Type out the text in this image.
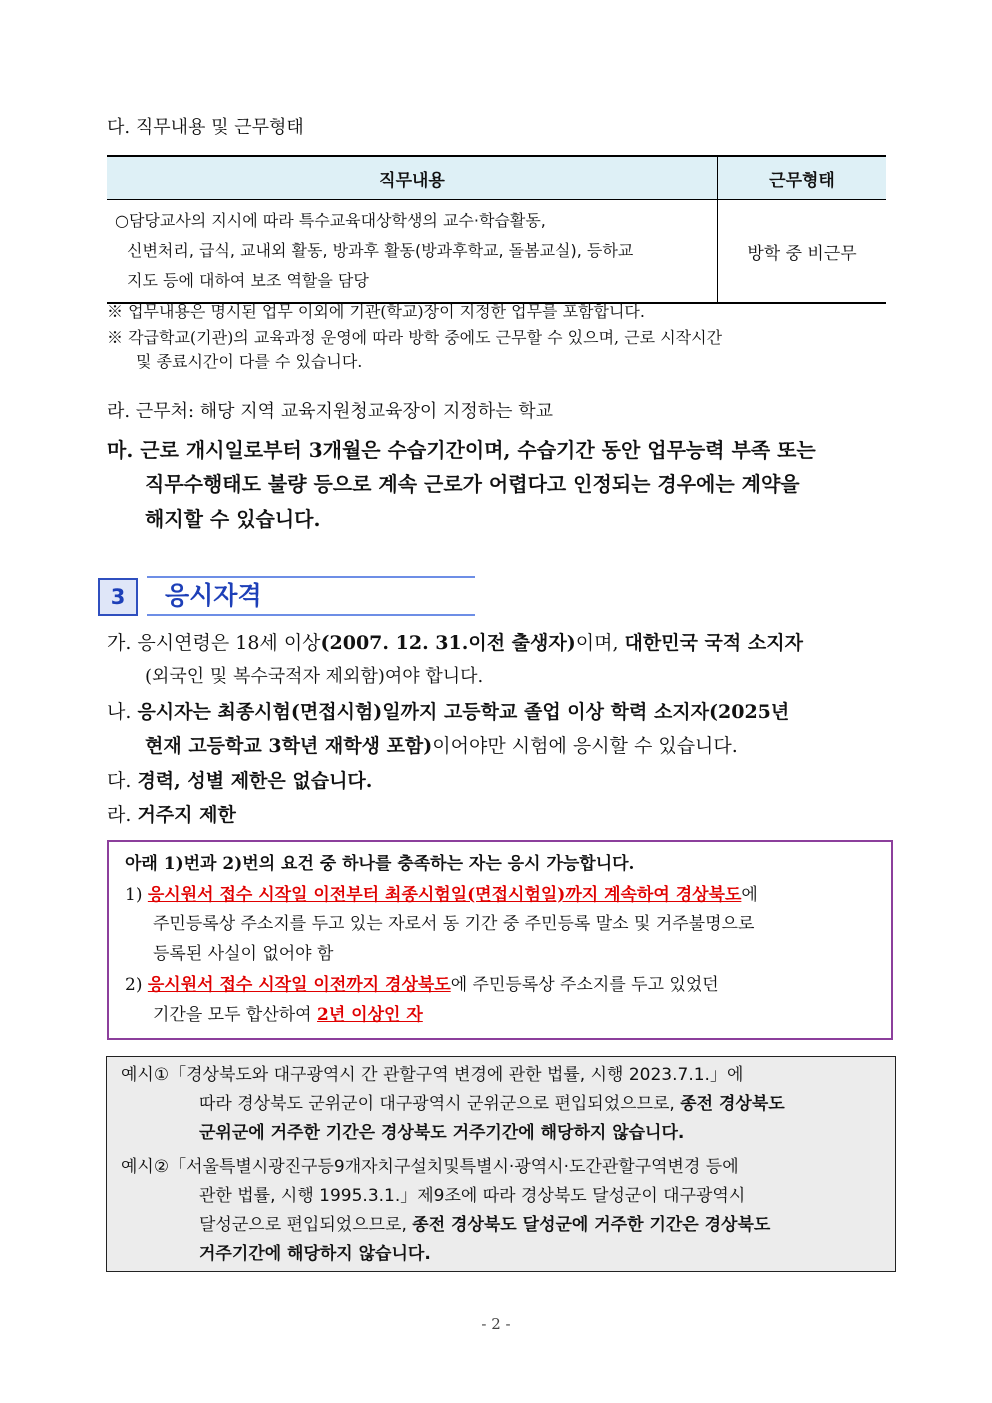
다. 직무내용 및 근무형태
직무내용	근무형태

○담당교사의 지시에 따라 특수교육대상학생의 교수·학습활동,
신변처리, 급식, 교내외 활동, 방과후 활동(방과후학교, 돌봄교실), 등하교
지도 등에 대하여 보조 역할을 담당	방학 중 비근무
※ 업무내용은 명시된 업무 이외에 기관(학교)장이 지정한 업무를 포함합니다.
※ 각급학교(기관)의 교육과정 운영에 따라 방학 중에도 근무할 수 있으며, 근로 시작시간
및 종료시간이 다를 수 있습니다.
라. 근무처: 해당 지역 교육지원청교육장이 지정하는 학교
마. 근로 개시일로부터 3개월은 수습기간이며, 수습기간 동안 업무능력 부족 또는
직무수행태도 불량 등으로 계속 근로가 어렵다고 인정되는 경우에는 계약을
해지할 수 있습니다.
3	응시자격
가. 응시연령은 18세 이상(2007. 12. 31.이전 출생자)이며, 대한민국 국적 소지자
(외국인 및 복수국적자 제외함)여야 합니다.
나. 응시자는 최종시험(면접시험)일까지 고등학교 졸업 이상 학력 소지자(2025년
현재 고등학교 3학년 재학생 포함)이어야만 시험에 응시할 수 있습니다.
다. 경력, 성별 제한은 없습니다.
라. 거주지 제한
아래 1)번과 2)번의 요건 중 하나를 충족하는 자는 응시 가능합니다.
1) 응시원서 접수 시작일 이전부터 최종시험일(면접시험일)까지 계속하여 경상북도에
주민등록상 주소지를 두고 있는 자로서 동 기간 중 주민등록 말소 및 거주불명으로
등록된 사실이 없어야 함
2) 응시원서 접수 시작일 이전까지 경상북도에 주민등록상 주소지를 두고 있었던
기간을 모두 합산하여 2년 이상인 자
예시①「경상북도와 대구광역시 간 관할구역 변경에 관한 법률, 시행 2023.7.1.」에
따라 경상북도 군위군이 대구광역시 군위군으로 편입되었으므로, 종전 경상북도
군위군에 거주한 기간은 경상북도 거주기간에 해당하지 않습니다.
예시②「서울특별시광진구등9개자치구설치및특별시·광역시·도간관할구역변경 등에
관한 법률, 시행 1995.3.1.」제9조에 따라 경상북도 달성군이 대구광역시
달성군으로 편입되었으므로, 종전 경상북도 달성군에 거주한 기간은 경상북도
거주기간에 해당하지 않습니다.
- 2 -
